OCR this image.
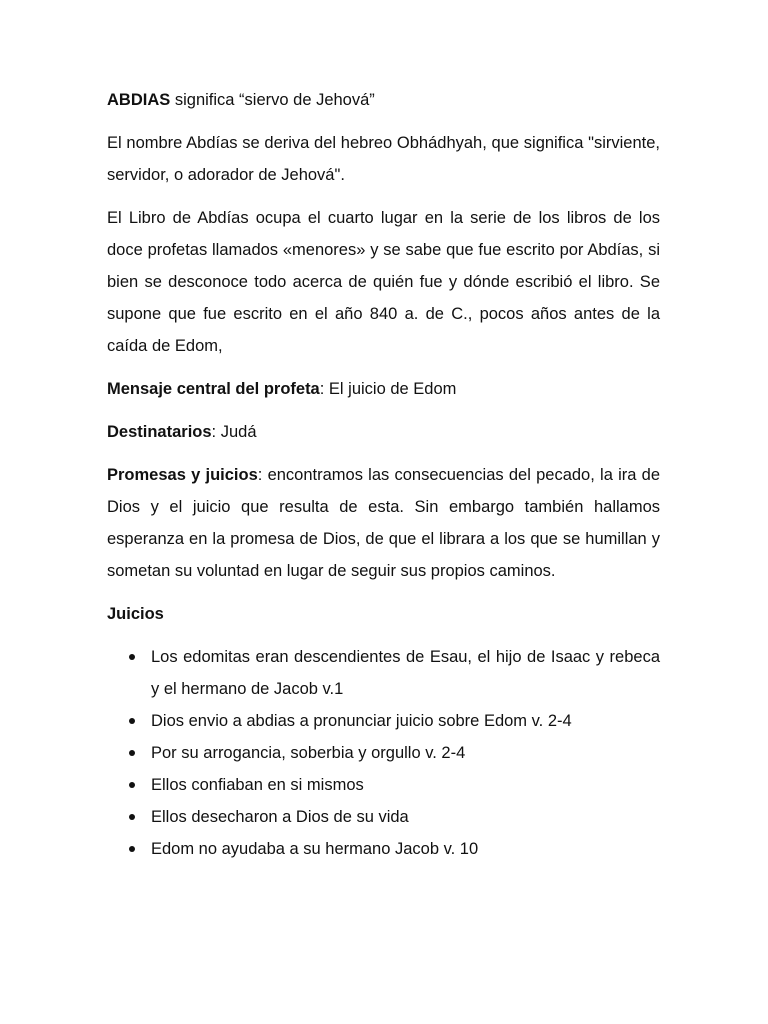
ABDIAS significa “siervo de Jehová”

El nombre Abdías se deriva del hebreo Obhádhyah, que significa "sirviente, servidor, o adorador de Jehová".

El Libro de Abdías ocupa el cuarto lugar en la serie de los libros de los doce profetas llamados «menores» y se sabe que fue escrito por Abdías, si bien se desconoce todo acerca de quién fue y dónde escribió el libro. Se supone que fue escrito en el año 840 a. de C., pocos años antes de la caída de Edom,

Mensaje central del profeta: El juicio de Edom

Destinatarios: Judá

Promesas y juicios: encontramos las consecuencias del pecado, la ira de Dios y el juicio que resulta de esta. Sin embargo también hallamos esperanza en la promesa de Dios, de que el librara a los que se humillan y sometan su voluntad en lugar de seguir sus propios caminos.

Juicios

Los edomitas eran descendientes de Esau, el hijo de Isaac y rebeca y el hermano de Jacob v.1
Dios envio a abdias a pronunciar juicio sobre Edom v. 2-4
Por su arrogancia, soberbia y orgullo v. 2-4
Ellos confiaban en si mismos
Ellos desecharon a Dios de su vida
Edom no ayudaba a su hermano Jacob v. 10
